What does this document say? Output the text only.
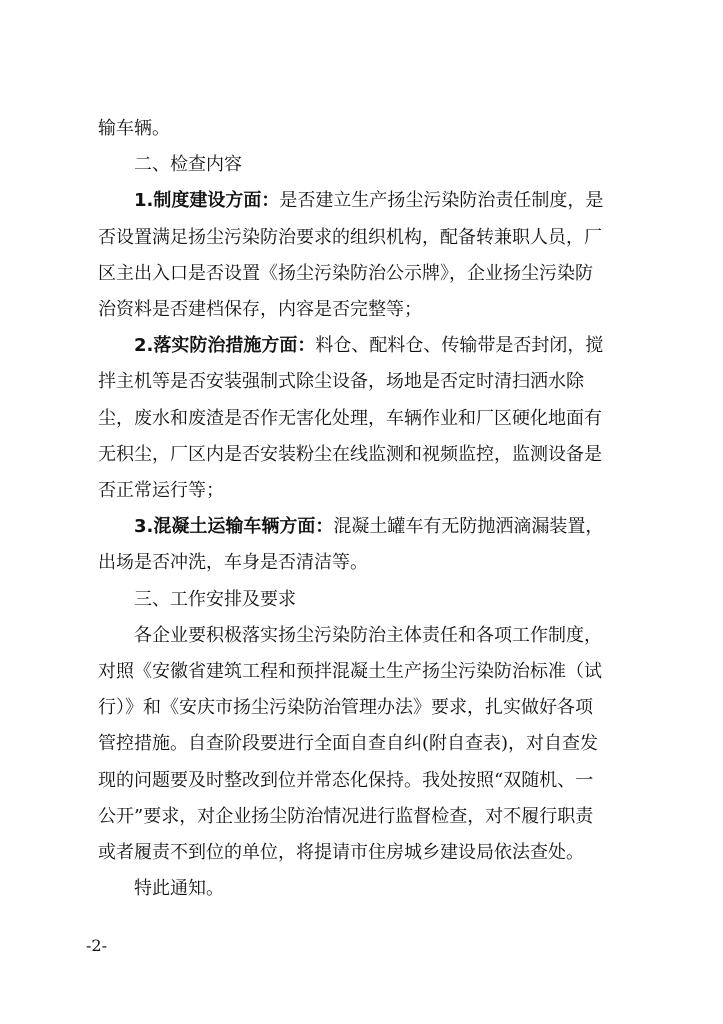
输车辆。
二、检查内容
1.制度建设方面：是否建立生产扬尘污染防治责任制度，是
否设置满足扬尘污染防治要求的组织机构，配备转兼职人员，厂
区主出入口是否设置《扬尘污染防治公示牌》，企业扬尘污染防
治资料是否建档保存，内容是否完整等；
2.落实防治措施方面：料仓、配料仓、传输带是否封闭，搅
拌主机等是否安装强制式除尘设备，场地是否定时清扫洒水除
尘，废水和废渣是否作无害化处理，车辆作业和厂区硬化地面有
无积尘，厂区内是否安装粉尘在线监测和视频监控，监测设备是
否正常运行等；
3.混凝土运输车辆方面：混凝土罐车有无防抛洒滴漏装置，
出场是否冲洗，车身是否清洁等。
三、工作安排及要求
各企业要积极落实扬尘污染防治主体责任和各项工作制度，
对照《安徽省建筑工程和预拌混凝土生产扬尘污染防治标准（试
行）》和《安庆市扬尘污染防治管理办法》要求，扎实做好各项
管控措施。自查阶段要进行全面自查自纠(附自查表)，对自查发
现的问题要及时整改到位并常态化保持。我处按照“双随机、一
公开”要求，对企业扬尘防治情况进行监督检查，对不履行职责
或者履责不到位的单位，将提请市住房城乡建设局依法查处。
特此通知。
-2-
